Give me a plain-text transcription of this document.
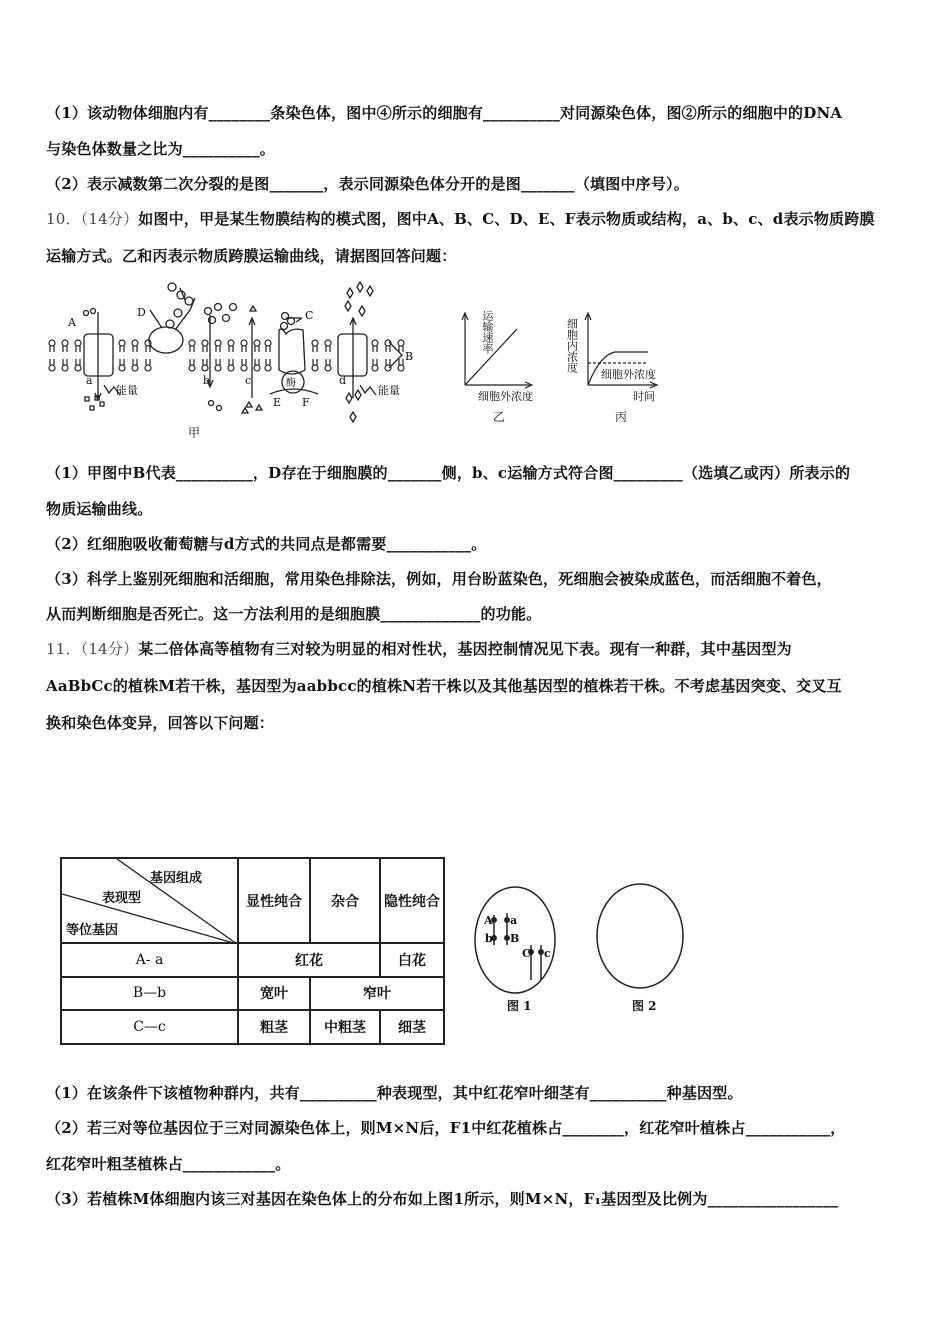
（1）该动物体细胞内有________条染色体，图中④所示的细胞有__________对同源染色体，图②所示的细胞中的DNA
与染色体数量之比为__________。
（2）表示减数第二次分裂的是图_______，表示同源染色体分开的是图_______（填图中序号）。
10．（14分）如图中，甲是某生物膜结构的模式图，图中A、B、C、D、E、F表示物质或结构，a、b、c、d表示物质跨膜
运输方式。乙和丙表示物质跨膜运输曲线，请据图回答问题：
A
D	C
B
a	b	c	d
E F
酶
能量	能量
甲
运输速率
细胞外浓度
乙
细胞内浓度
细胞外浓度
时间
丙
（1）甲图中B代表__________，D存在于细胞膜的_______侧，b、c运输方式符合图_________（选填乙或丙）所表示的
物质运输曲线。
（2）红细胞吸收葡萄糖与d方式的共同点是都需要___________。
（3）科学上鉴别死细胞和活细胞，常用染色排除法，例如，用台盼蓝染色，死细胞会被染成蓝色，而活细胞不着色，
从而判断细胞是否死亡。这一方法利用的是细胞膜_____________的功能。
11．（14分）某二倍体高等植物有三对较为明显的相对性状，基因控制情况见下表。现有一种群，其中基因型为
AaBbCc的植株M若干株，基因型为aabbcc的植株N若干株以及其他基因型的植株若干株。不考虑基因突变、交叉互
换和染色体变异，回答以下问题：
基因组成
表现型
等位基因	显性纯合	杂合	隐性纯合
A- a	红花		白花
B—b	宽叶	窄叶	
C—c	粗茎	中粗茎	细茎
A a
b B
C c
图 1	图 2
（1）在该条件下该植物种群内，共有__________种表现型，其中红花窄叶细茎有__________种基因型。
（2）若三对等位基因位于三对同源染色体上，则M×N后，F1中红花植株占________，红花窄叶植株占___________，
红花窄叶粗茎植株占____________。
（3）若植株M体细胞内该三对基因在染色体上的分布如上图1所示，则M×N，F₁基因型及比例为_________________
